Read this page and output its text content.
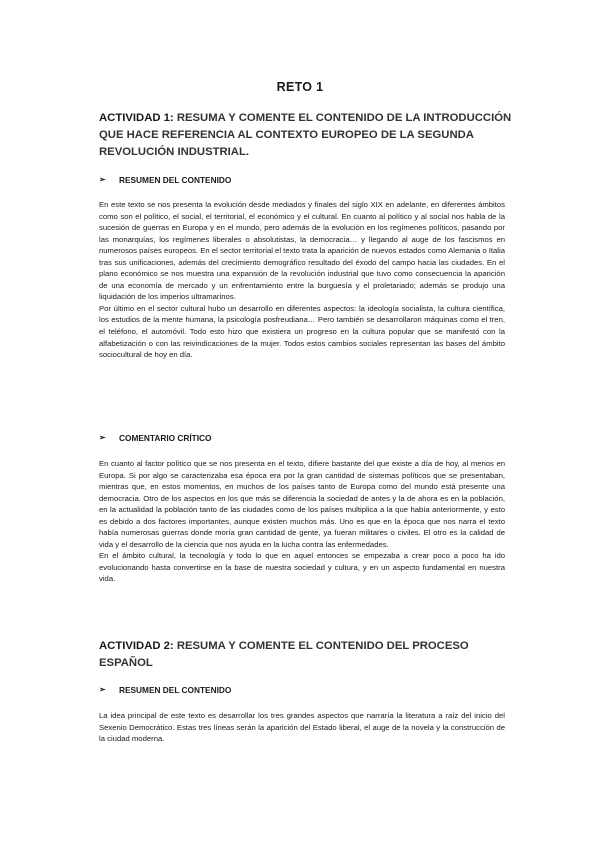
RETO 1
ACTIVIDAD 1: RESUMA Y COMENTE EL CONTENIDO DE LA INTRODUCCIÓN QUE HACE REFERENCIA AL CONTEXTO EUROPEO DE LA SEGUNDA REVOLUCIÓN INDUSTRIAL.
➢	RESUMEN DEL CONTENIDO

En este texto se nos presenta la evolución desde mediados y finales del siglo XIX en adelante, en diferentes ámbitos como son el político, el social, el territorial, el económico y el cultural. En cuanto al político y al social nos habla de la sucesión de guerras en Europa y en el mundo, pero además de la evolución en los regímenes políticos, pasando por las monarquías, los regímenes liberales o absolutistas, la democracia… y llegando al auge de los fascismos en numerosos países europeos. En el sector territorial el texto trata la aparición de nuevos estados como Alemania o Italia tras sus unificaciones, además del crecimiento demográfico resultado del éxodo del campo hacia las ciudades. En el plano económico se nos muestra una expansión de la revolución industrial que tuvo como consecuencia la aparición de una economía de mercado y un enfrentamiento entre la burguesía y el proletariado; además se produjo una liquidación de los imperios ultramarinos.

Por último en el sector cultural hubo un desarrollo en diferentes aspectos: la ideología socialista, la cultura científica, los estudios de la mente humana, la psicología posfreudiana… Pero también se desarrollaron máquinas como el tren, el teléfono, el automóvil. Todo esto hizo que existiera un progreso en la cultura popular que se manifestó con la alfabetización o con las reivindicaciones de la mujer. Todos estos cambios sociales representan las bases del ámbito sociocultural de hoy en día.

➢	COMENTARIO CRÍTICO

En cuanto al factor político que se nos presenta en el texto, difiere bastante del que existe a día de hoy, al menos en Europa. Si por algo se caracterizaba esa época era por la gran cantidad de sistemas políticos que se presentaban, mientras que, en estos momentos, en muchos de los países tanto de Europa como del mundo está presente una democracia. Otro de los aspectos en los que más se diferencia la sociedad de antes y la de ahora es en la población, en la actualidad la población tanto de las ciudades como de los países multiplica a la que había anteriormente, y esto es debido a dos factores importantes, aunque existen muchos más. Uno es que en la época que nos narra el texto había numerosas guerras donde moría gran cantidad de gente, ya fueran militares o civiles. El otro es la calidad de vida y el desarrollo de la ciencia que nos ayuda en la lucha contra las enfermedades.

En el ámbito cultural, la tecnología y todo lo que en aquel entonces se empezaba a crear poco a poco ha ido evolucionando hasta convertirse en la base de nuestra sociedad y cultura, y en un aspecto fundamental en nuestra vida.

ACTIVIDAD 2: RESUMA Y COMENTE EL CONTENIDO DEL PROCESO ESPAÑOL
➢	RESUMEN DEL CONTENIDO

La idea principal de este texto es desarrollar los tres grandes aspectos que narraría la literatura a raíz del inicio del Sexenio Democrático. Estas tres líneas serán la aparición del Estado liberal, el auge de la novela y la construcción de la ciudad moderna.
